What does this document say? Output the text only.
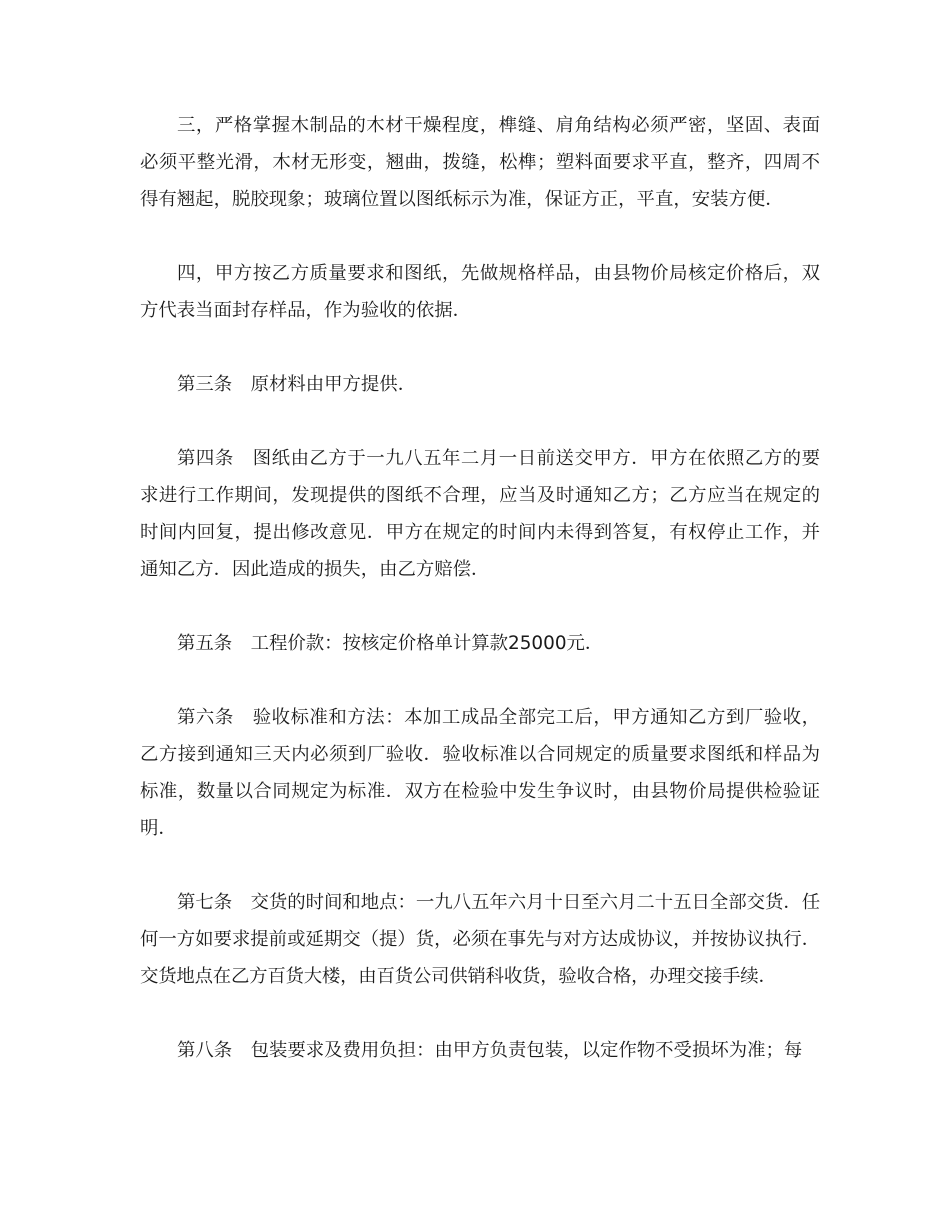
三，严格掌握木制品的木材干燥程度，榫缝、肩角结构必须严密，坚固、表面必须平整光滑，木材无形变，翘曲，拨缝，松榫；塑料面要求平直，整齐，四周不得有翘起，脱胶现象；玻璃位置以图纸标示为准，保证方正，平直，安装方便．

四，甲方按乙方质量要求和图纸，先做规格样品，由县物价局核定价格后，双方代表当面封存样品，作为验收的依据．

第三条　原材料由甲方提供．

第四条　图纸由乙方于一九八五年二月一日前送交甲方．甲方在依照乙方的要求进行工作期间，发现提供的图纸不合理，应当及时通知乙方；乙方应当在规定的时间内回复，提出修改意见．甲方在规定的时间内未得到答复，有权停止工作，并通知乙方．因此造成的损失，由乙方赔偿．

第五条　工程价款：按核定价格单计算款25000元．

第六条　验收标准和方法：本加工成品全部完工后，甲方通知乙方到厂验收，乙方接到通知三天内必须到厂验收．验收标准以合同规定的质量要求图纸和样品为标准，数量以合同规定为标准．双方在检验中发生争议时，由县物价局提供检验证明．

第七条　交货的时间和地点：一九八五年六月十日至六月二十五日全部交货．任何一方如要求提前或延期交（提）货，必须在事先与对方达成协议，并按协议执行．交货地点在乙方百货大楼，由百货公司供销科收货，验收合格，办理交接手续．

第八条　包装要求及费用负担：由甲方负责包装，以定作物不受损坏为准；每
